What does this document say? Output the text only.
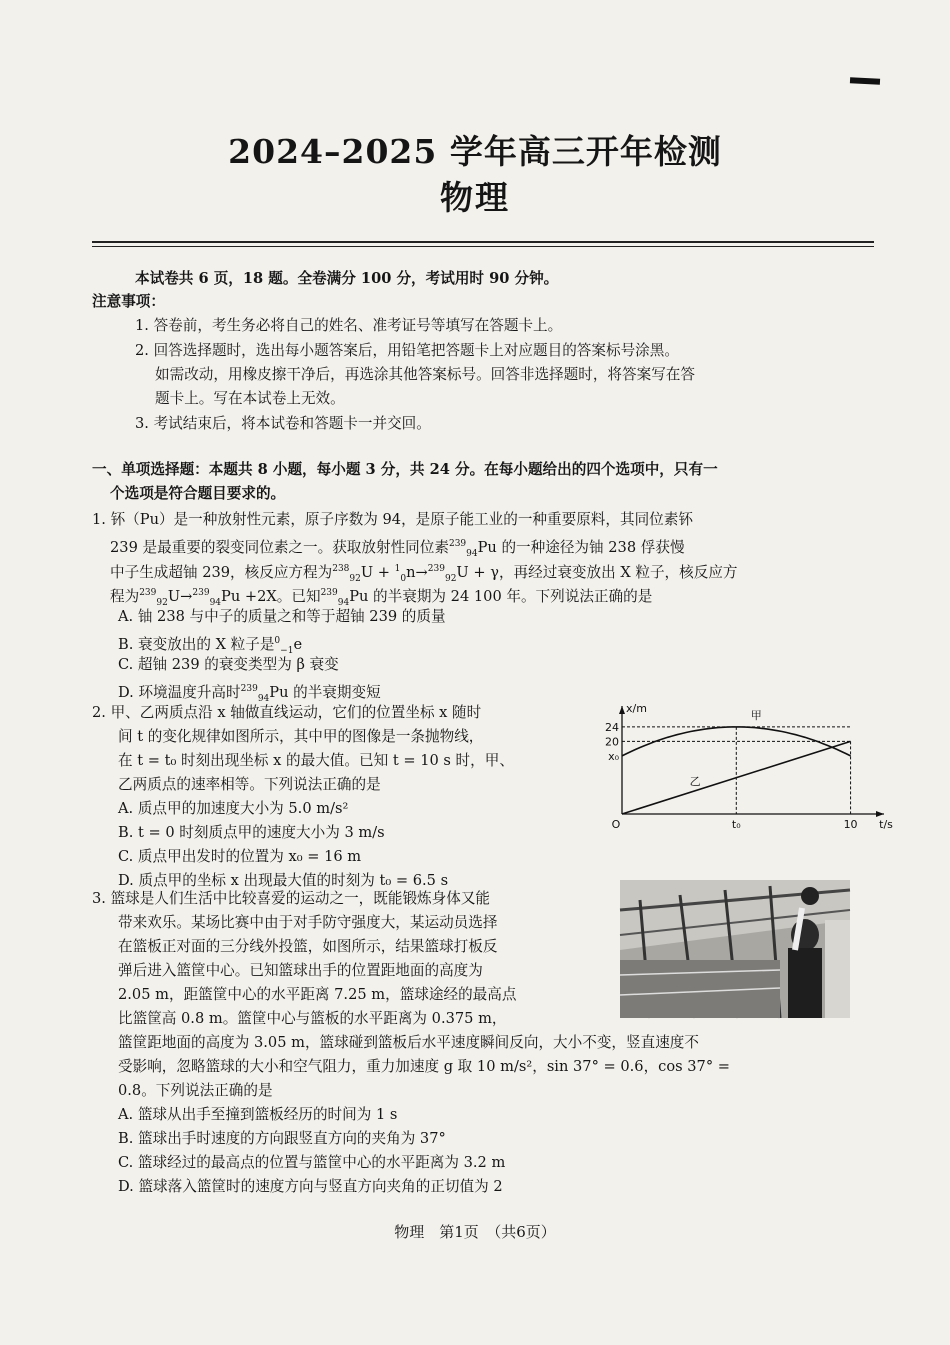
2024–2025 学年高三开年检测
物理
本试卷共 6 页，18 题。全卷满分 100 分，考试用时 90 分钟。
注意事项：
1. 答卷前，考生务必将自己的姓名、准考证号等填写在答题卡上。
2. 回答选择题时，选出每小题答案后，用铅笔把答题卡上对应题目的答案标号涂黑。
如需改动，用橡皮擦干净后，再选涂其他答案标号。回答非选择题时，将答案写在答
题卡上。写在本试卷上无效。
3. 考试结束后，将本试卷和答题卡一并交回。
一、单项选择题：本题共 8 小题，每小题 3 分，共 24 分。在每小题给出的四个选项中，只有一
个选项是符合题目要求的。
1. 钚（Pu）是一种放射性元素，原子序数为 94，是原子能工业的一种重要原料，其同位素钚
239 是最重要的裂变同位素之一。获取放射性同位素$^{239}_{94}$Pu 的一种途径为铀 238 俘获慢
中子生成超铀 239，核反应方程为$^{238}_{92}$U + $^1_0$n→$^{239}_{92}$U + γ，再经过衰变放出 X 粒子，核反应方
程为$^{239}_{92}$U→$^{239}_{94}$Pu +2X。已知$^{239}_{94}$Pu 的半衰期为 24 100 年。下列说法正确的是
A. 铀 238 与中子的质量之和等于超铀 239 的质量
B. 衰变放出的 X 粒子是$^0_{-1}$e
C. 超铀 239 的衰变类型为 β 衰变
D. 环境温度升高时$^{239}_{94}$Pu 的半衰期变短
2. 甲、乙两质点沿 x 轴做直线运动，它们的位置坐标 x 随时
间 t 的变化规律如图所示，其中甲的图像是一条抛物线，
在 t = t₀ 时刻出现坐标 x 的最大值。已知 t = 10 s 时，甲、
乙两质点的速率相等。下列说法正确的是
A. 质点甲的加速度大小为 5.0 m/s²
B. t = 0 时刻质点甲的速度大小为 3 m/s
C. 质点甲出发时的位置为 x₀ = 16 m
D. 质点甲的坐标 x 出现最大值的时刻为 t₀ = 6.5 s
x/m
t/s
甲
乙
24
20
x₀
O	t₀	10
3. 篮球是人们生活中比较喜爱的运动之一，既能锻炼身体又能
带来欢乐。某场比赛中由于对手防守强度大，某运动员选择
在篮板正对面的三分线外投篮，如图所示，结果篮球打板反
弹后进入篮筐中心。已知篮球出手的位置距地面的高度为
2.05 m，距篮筐中心的水平距离 7.25 m，篮球途经的最高点
比篮筐高 0.8 m。篮筐中心与篮板的水平距离为 0.375 m，
篮筐距地面的高度为 3.05 m，篮球碰到篮板后水平速度瞬间反向，大小不变，竖直速度不
受影响，忽略篮球的大小和空气阻力，重力加速度 g 取 10 m/s²，sin 37° = 0.6，cos 37° =
0.8。下列说法正确的是
A. 篮球从出手至撞到篮板经历的时间为 1 s
B. 篮球出手时速度的方向跟竖直方向的夹角为 37°
C. 篮球经过的最高点的位置与篮筐中心的水平距离为 3.2 m
D. 篮球落入篮筐时的速度方向与竖直方向夹角的正切值为 2
物理　第1页　（共6页）
